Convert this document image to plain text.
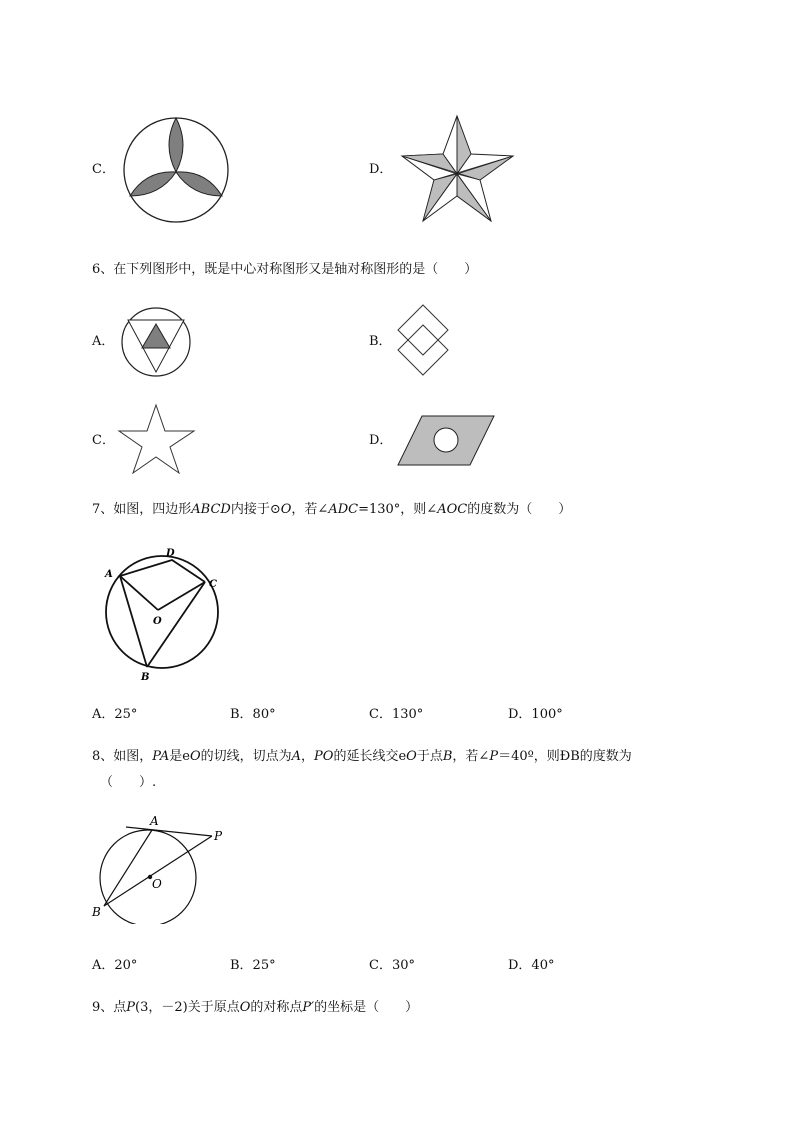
C．	D．
6、在下列图形中，既是中心对称图形又是轴对称图形的是（　　）
A．	B．
C．	D．
7、如图，四边形ABCD内接于⊙O，若∠ADC=130°，则∠AOC的度数为（　　）
A
D
C
B
O
A．25°	B．80°	C．130°	D．100°
8、如图，PA是eO的切线，切点为A，PO的延长线交eO于点B，若∠P＝40º，则ÐB的度数为
（　　）.
A
P
O
B
A．20°	B．25°	C．30°	D．40°
9、点P(3，－2)关于原点O的对称点P′的坐标是（　　）
